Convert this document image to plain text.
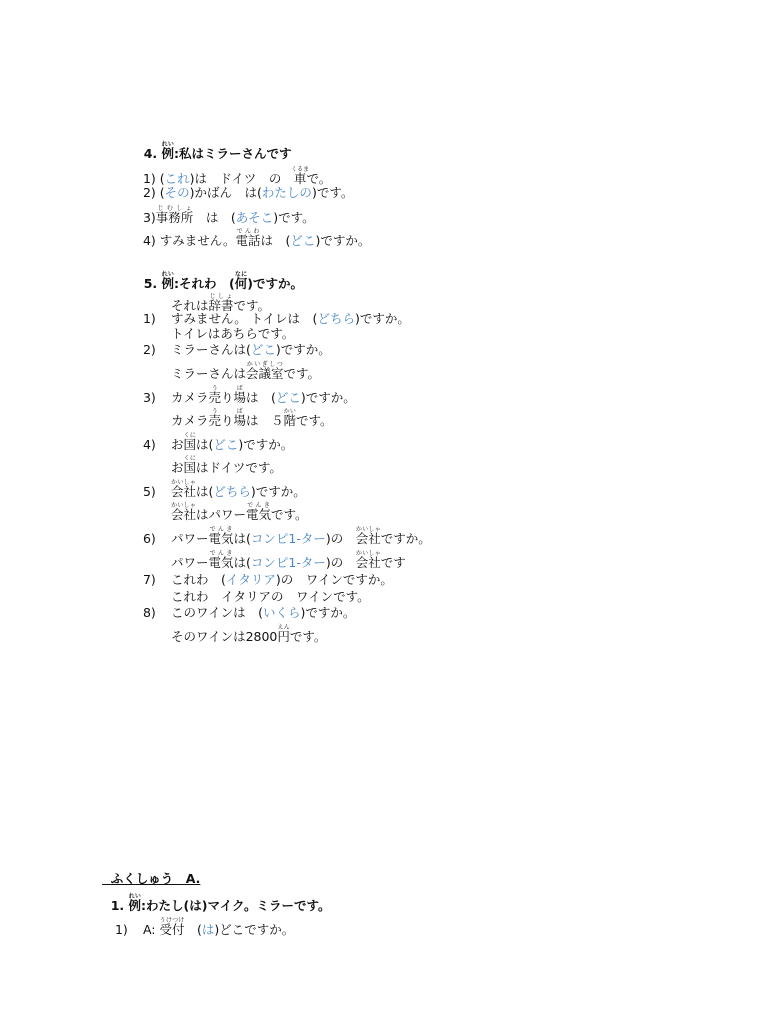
4. 例れい:私はミラーさんです

1) (これ)は　ドイツ　の　車くるまで。

2) (その)かばん　は(わたしの)です。

3)事務所じむしょ　は　(あそこ)です。

4) すみません。電話でんわは　(どこ)ですか。

5. 例れい:それわ　(何なに)ですか。

それは辞書じしょです。

1) すみません。 トイレは　(どちら)ですか。

トイレはあちらです。

2) ミラーさんは(どこ)ですか。

ミラーさんは会議室かいぎしつです。

3) カメラ売うり場ばは　(どこ)ですか。

カメラ売うり場ばは　５階かいです。

4) お国くには(どこ)ですか。

お国くにはドイツです。

5) 会社かいしゃは(どちら)ですか。

会社かいしゃはパワー電気でんきです。

6) パワー電気でんきは(コンピ1-ター)の　会社かいしゃですか。

パワー電気でんきは(コンピ1-ター)の　会社かいしゃです

7) これわ　(イタリア)の　ワインですか。

これわ　イタリアの　ワインです。

8) このワインは　(いくら)ですか。

そのワインは2800円えんです。

ふくしゅう　A.

1. 例れい:わたし(は)マイク。ミラーです。

1) A: 受付うけつけ　(は)どこですか。
